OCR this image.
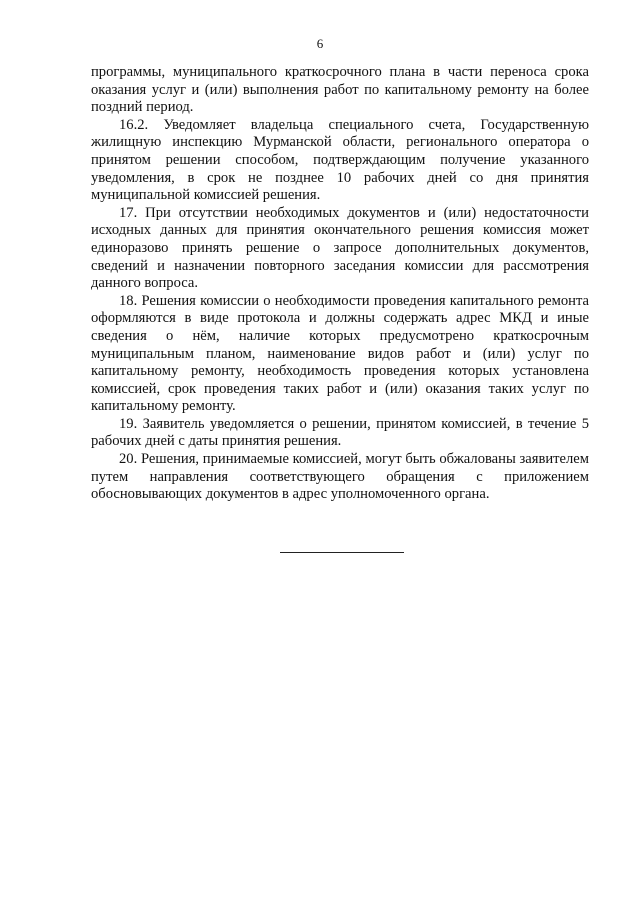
6

программы, муниципального краткосрочного плана в части переноса срока оказания услуг и (или) выполнения работ по капитальному ремонту на более поздний период.

16.2. Уведомляет владельца специального счета, Государственную жилищную инспекцию Мурманской области, регионального оператора о принятом решении способом, подтверждающим получение указанного уведомления, в срок не позднее 10 рабочих дней со дня принятия муниципальной комиссией решения.

17. При отсутствии необходимых документов и (или) недостаточности исходных данных для принятия окончательного решения комиссия может единоразово принять решение о запросе дополнительных документов, сведений и назначении повторного заседания комиссии для рассмотрения данного вопроса.

18. Решения комиссии о необходимости проведения капитального ремонта оформляются в виде протокола и должны содержать адрес МКД и иные сведения о нём, наличие которых предусмотрено краткосрочным муниципальным планом, наименование видов работ и (или) услуг по капитальному ремонту, необходимость проведения которых установлена комиссией, срок проведения таких работ и (или) оказания таких услуг по капитальному ремонту.

19. Заявитель уведомляется о решении, принятом комиссией, в течение 5 рабочих дней с даты принятия решения.

20. Решения, принимаемые комиссией, могут быть обжалованы заявителем путем направления соответствующего обращения с приложением обосновывающих документов в адрес уполномоченного органа.
